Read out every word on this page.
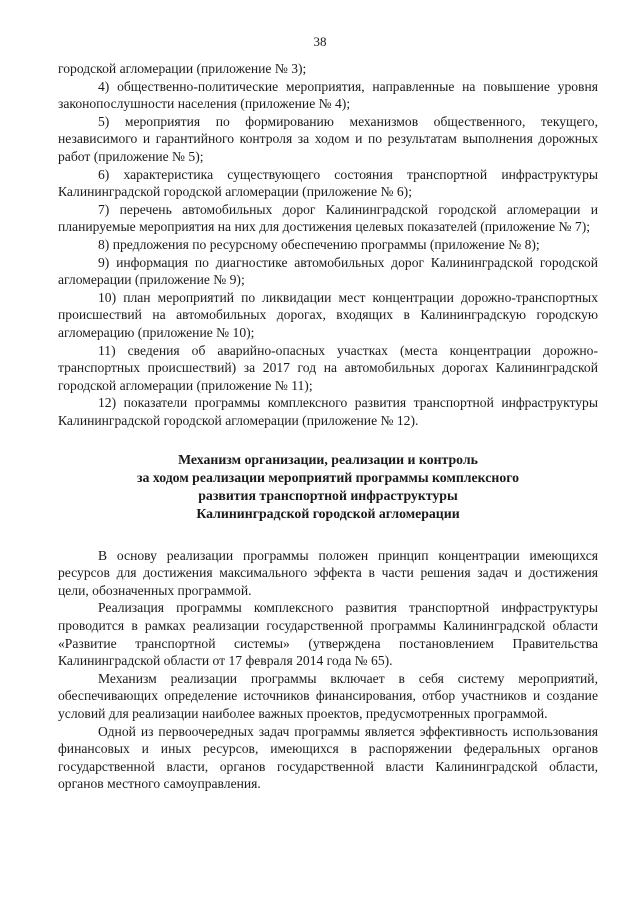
38

городской агломерации (приложение № 3);

4) общественно-политические мероприятия, направленные на повышение уровня законопослушности населения (приложение № 4);

5) мероприятия по формированию механизмов общественного, текущего, независимого и гарантийного контроля за ходом и по результатам выполнения дорожных работ (приложение № 5);

6) характеристика существующего состояния транспортной инфраструктуры Калининградской городской агломерации (приложение № 6);

7) перечень автомобильных дорог Калининградской городской агломерации и планируемые мероприятия на них для достижения целевых показателей (приложение № 7);

8) предложения по ресурсному обеспечению программы (приложение № 8);

9) информация по диагностике автомобильных дорог Калининградской городской агломерации (приложение № 9);

10) план мероприятий по ликвидации мест концентрации дорожно-транспортных происшествий на автомобильных дорогах, входящих в Калининградскую городскую агломерацию (приложение № 10);

11) сведения об аварийно-опасных участках (места концентрации дорожно-транспортных происшествий) за 2017 год на автомобильных дорогах Калининградской городской агломерации (приложение № 11);

12) показатели программы комплексного развития транспортной инфраструктуры Калининградской городской агломерации (приложение № 12).

Механизм организации, реализации и контроль
за ходом реализации мероприятий программы комплексного
развития транспортной инфраструктуры
Калининградской городской агломерации

В основу реализации программы положен принцип концентрации имеющихся ресурсов для достижения максимального эффекта в части решения задач и достижения цели, обозначенных программой.

Реализация программы комплексного развития транспортной инфраструктуры проводится в рамках реализации государственной программы Калининградской области «Развитие транспортной системы» (утверждена постановлением Правительства Калининградской области от 17 февраля 2014 года № 65).

Механизм реализации программы включает в себя систему мероприятий, обеспечивающих определение источников финансирования, отбор участников и создание условий для реализации наиболее важных проектов, предусмотренных программой.

Одной из первоочередных задач программы является эффективность использования финансовых и иных ресурсов, имеющихся в распоряжении федеральных органов государственной власти, органов государственной власти Калининградской области, органов местного самоуправления.
